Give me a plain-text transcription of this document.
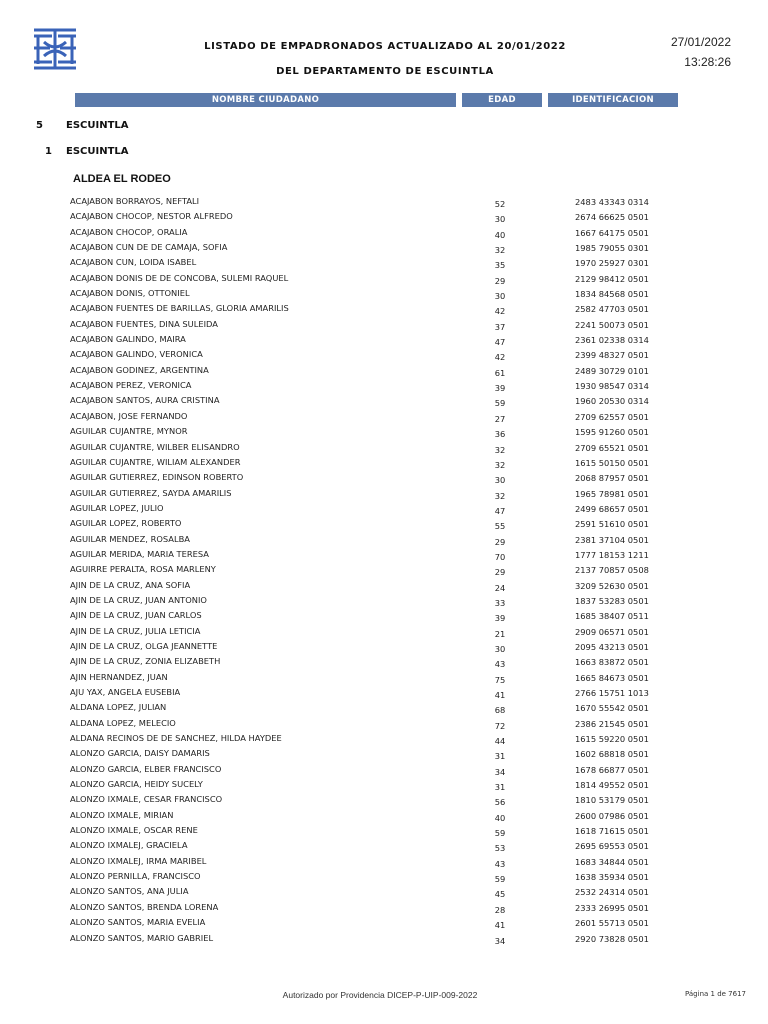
LISTADO DE EMPADRONADOS ACTUALIZADO AL 20/01/2022
DEL DEPARTAMENTO DE ESCUINTLA
27/01/2022
13:28:26
NOMBRE CIUDADANO	EDAD	IDENTIFICACION
5 ESCUINTLA
1 ESCUINTLA
ALDEA EL RODEO
ACAJABON BORRAYOS, NEFTALI	52	2483 43343 0314
ACAJABON CHOCOP, NESTOR ALFREDO	30	2674 66625 0501
ACAJABON CHOCOP, ORALIA	40	1667 64175 0501
ACAJABON CUN DE DE CAMAJA, SOFIA	32	1985 79055 0301
ACAJABON CUN, LOIDA ISABEL	35	1970 25927 0301
ACAJABON DONIS DE DE CONCOBA, SULEMI RAQUEL	29	2129 98412 0501
ACAJABON DONIS, OTTONIEL	30	1834 84568 0501
ACAJABON FUENTES DE BARILLAS, GLORIA AMARILIS	42	2582 47703 0501
ACAJABON FUENTES, DINA SULEIDA	37	2241 50073 0501
ACAJABON GALINDO, MAIRA	47	2361 02338 0314
ACAJABON GALINDO, VERONICA	42	2399 48327 0501
ACAJABON GODINEZ, ARGENTINA	61	2489 30729 0101
ACAJABON PEREZ, VERONICA	39	1930 98547 0314
ACAJABON SANTOS, AURA CRISTINA	59	1960 20530 0314
ACAJABON, JOSE FERNANDO	27	2709 62557 0501
AGUILAR CUJANTRE, MYNOR	36	1595 91260 0501
AGUILAR CUJANTRE, WILBER ELISANDRO	32	2709 65521 0501
AGUILAR CUJANTRE, WILIAM ALEXANDER	32	1615 50150 0501
AGUILAR GUTIERREZ, EDINSON ROBERTO	30	2068 87957 0501
AGUILAR GUTIERREZ, SAYDA AMARILIS	32	1965 78981 0501
AGUILAR LOPEZ, JULIO	47	2499 68657 0501
AGUILAR LOPEZ, ROBERTO	55	2591 51610 0501
AGUILAR MENDEZ, ROSALBA	29	2381 37104 0501
AGUILAR MERIDA, MARIA TERESA	70	1777 18153 1211
AGUIRRE PERALTA, ROSA MARLENY	29	2137 70857 0508
AJIN DE LA CRUZ, ANA SOFIA	24	3209 52630 0501
AJIN DE LA CRUZ, JUAN ANTONIO	33	1837 53283 0501
AJIN DE LA CRUZ, JUAN CARLOS	39	1685 38407 0511
AJIN DE LA CRUZ, JULIA LETICIA	21	2909 06571 0501
AJIN DE LA CRUZ, OLGA JEANNETTE	30	2095 43213 0501
AJIN DE LA CRUZ, ZONIA ELIZABETH	43	1663 83872 0501
AJIN HERNANDEZ, JUAN	75	1665 84673 0501
AJU YAX, ANGELA EUSEBIA	41	2766 15751 1013
ALDANA LOPEZ, JULIAN	68	1670 55542 0501
ALDANA LOPEZ, MELECIO	72	2386 21545 0501
ALDANA RECINOS DE DE SANCHEZ, HILDA HAYDEE	44	1615 59220 0501
ALONZO GARCIA, DAISY DAMARIS	31	1602 68818 0501
ALONZO GARCIA, ELBER FRANCISCO	34	1678 66877 0501
ALONZO GARCIA, HEIDY SUCELY	31	1814 49552 0501
ALONZO IXMALE, CESAR FRANCISCO	56	1810 53179 0501
ALONZO IXMALE, MIRIAN	40	2600 07986 0501
ALONZO IXMALE, OSCAR RENE	59	1618 71615 0501
ALONZO IXMALEJ, GRACIELA	53	2695 69553 0501
ALONZO IXMALEJ, IRMA MARIBEL	43	1683 34844 0501
ALONZO PERNILLA, FRANCISCO	59	1638 35934 0501
ALONZO SANTOS, ANA JULIA	45	2532 24314 0501
ALONZO SANTOS, BRENDA LORENA	28	2333 26995 0501
ALONZO SANTOS, MARIA EVELIA	41	2601 55713 0501
ALONZO SANTOS, MARIO GABRIEL	34	2920 73828 0501
Autorizado por Providencia DICEP-P-UIP-009-2022	Página 1 de 7617
